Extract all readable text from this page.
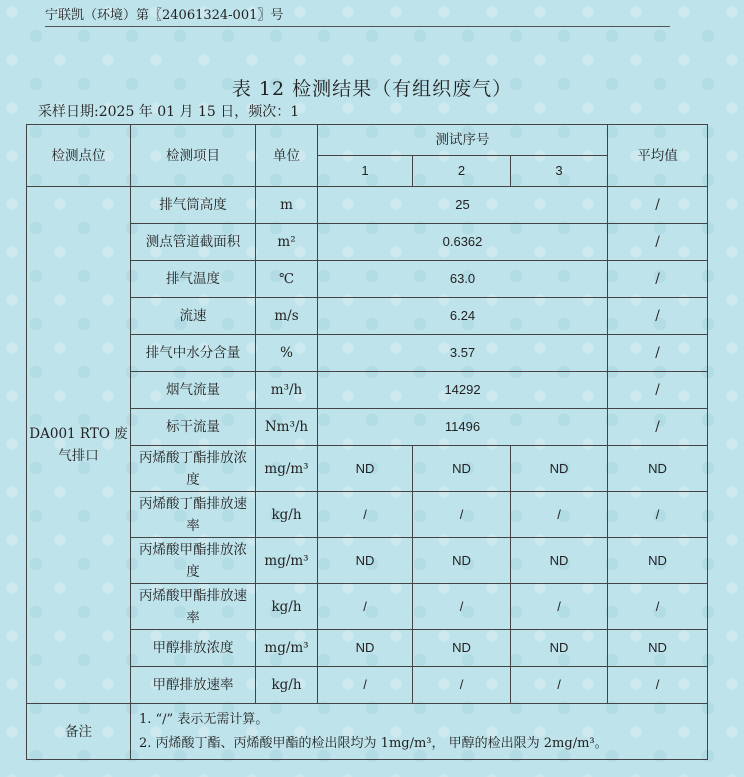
宁联凯（环境）第〖24061324-001〗号
表 12 检测结果（有组织废气）
采样日期:2025 年 01 月 15 日，频次：1
检测点位	检测项目	单位	测试序号			平均值
			1	2	3	
DA001 RTO 废气排口	排气筒高度	m	25			/
	测点管道截面积	m²	0.6362			/
	排气温度	℃	63.0			/
	流速	m/s	6.24			/
	排气中水分含量	%	3.57			/
	烟气流量	m³/h	14292			/
	标干流量	Nm³/h	11496			/
	丙烯酸丁酯排放浓度	mg/m³	ND	ND	ND	ND
	丙烯酸丁酯排放速率	kg/h	/	/	/	/
	丙烯酸甲酯排放浓度	mg/m³	ND	ND	ND	ND
	丙烯酸甲酯排放速率	kg/h	/	/	/	/
	甲醇排放浓度	mg/m³	ND	ND	ND	ND
	甲醇排放速率	kg/h	/	/	/	/
备注	1. “/” 表示无需计算。
2. 丙烯酸丁酯、丙烯酸甲酯的检出限均为 1mg/m³， 甲醇的检出限为 2mg/m³。					
